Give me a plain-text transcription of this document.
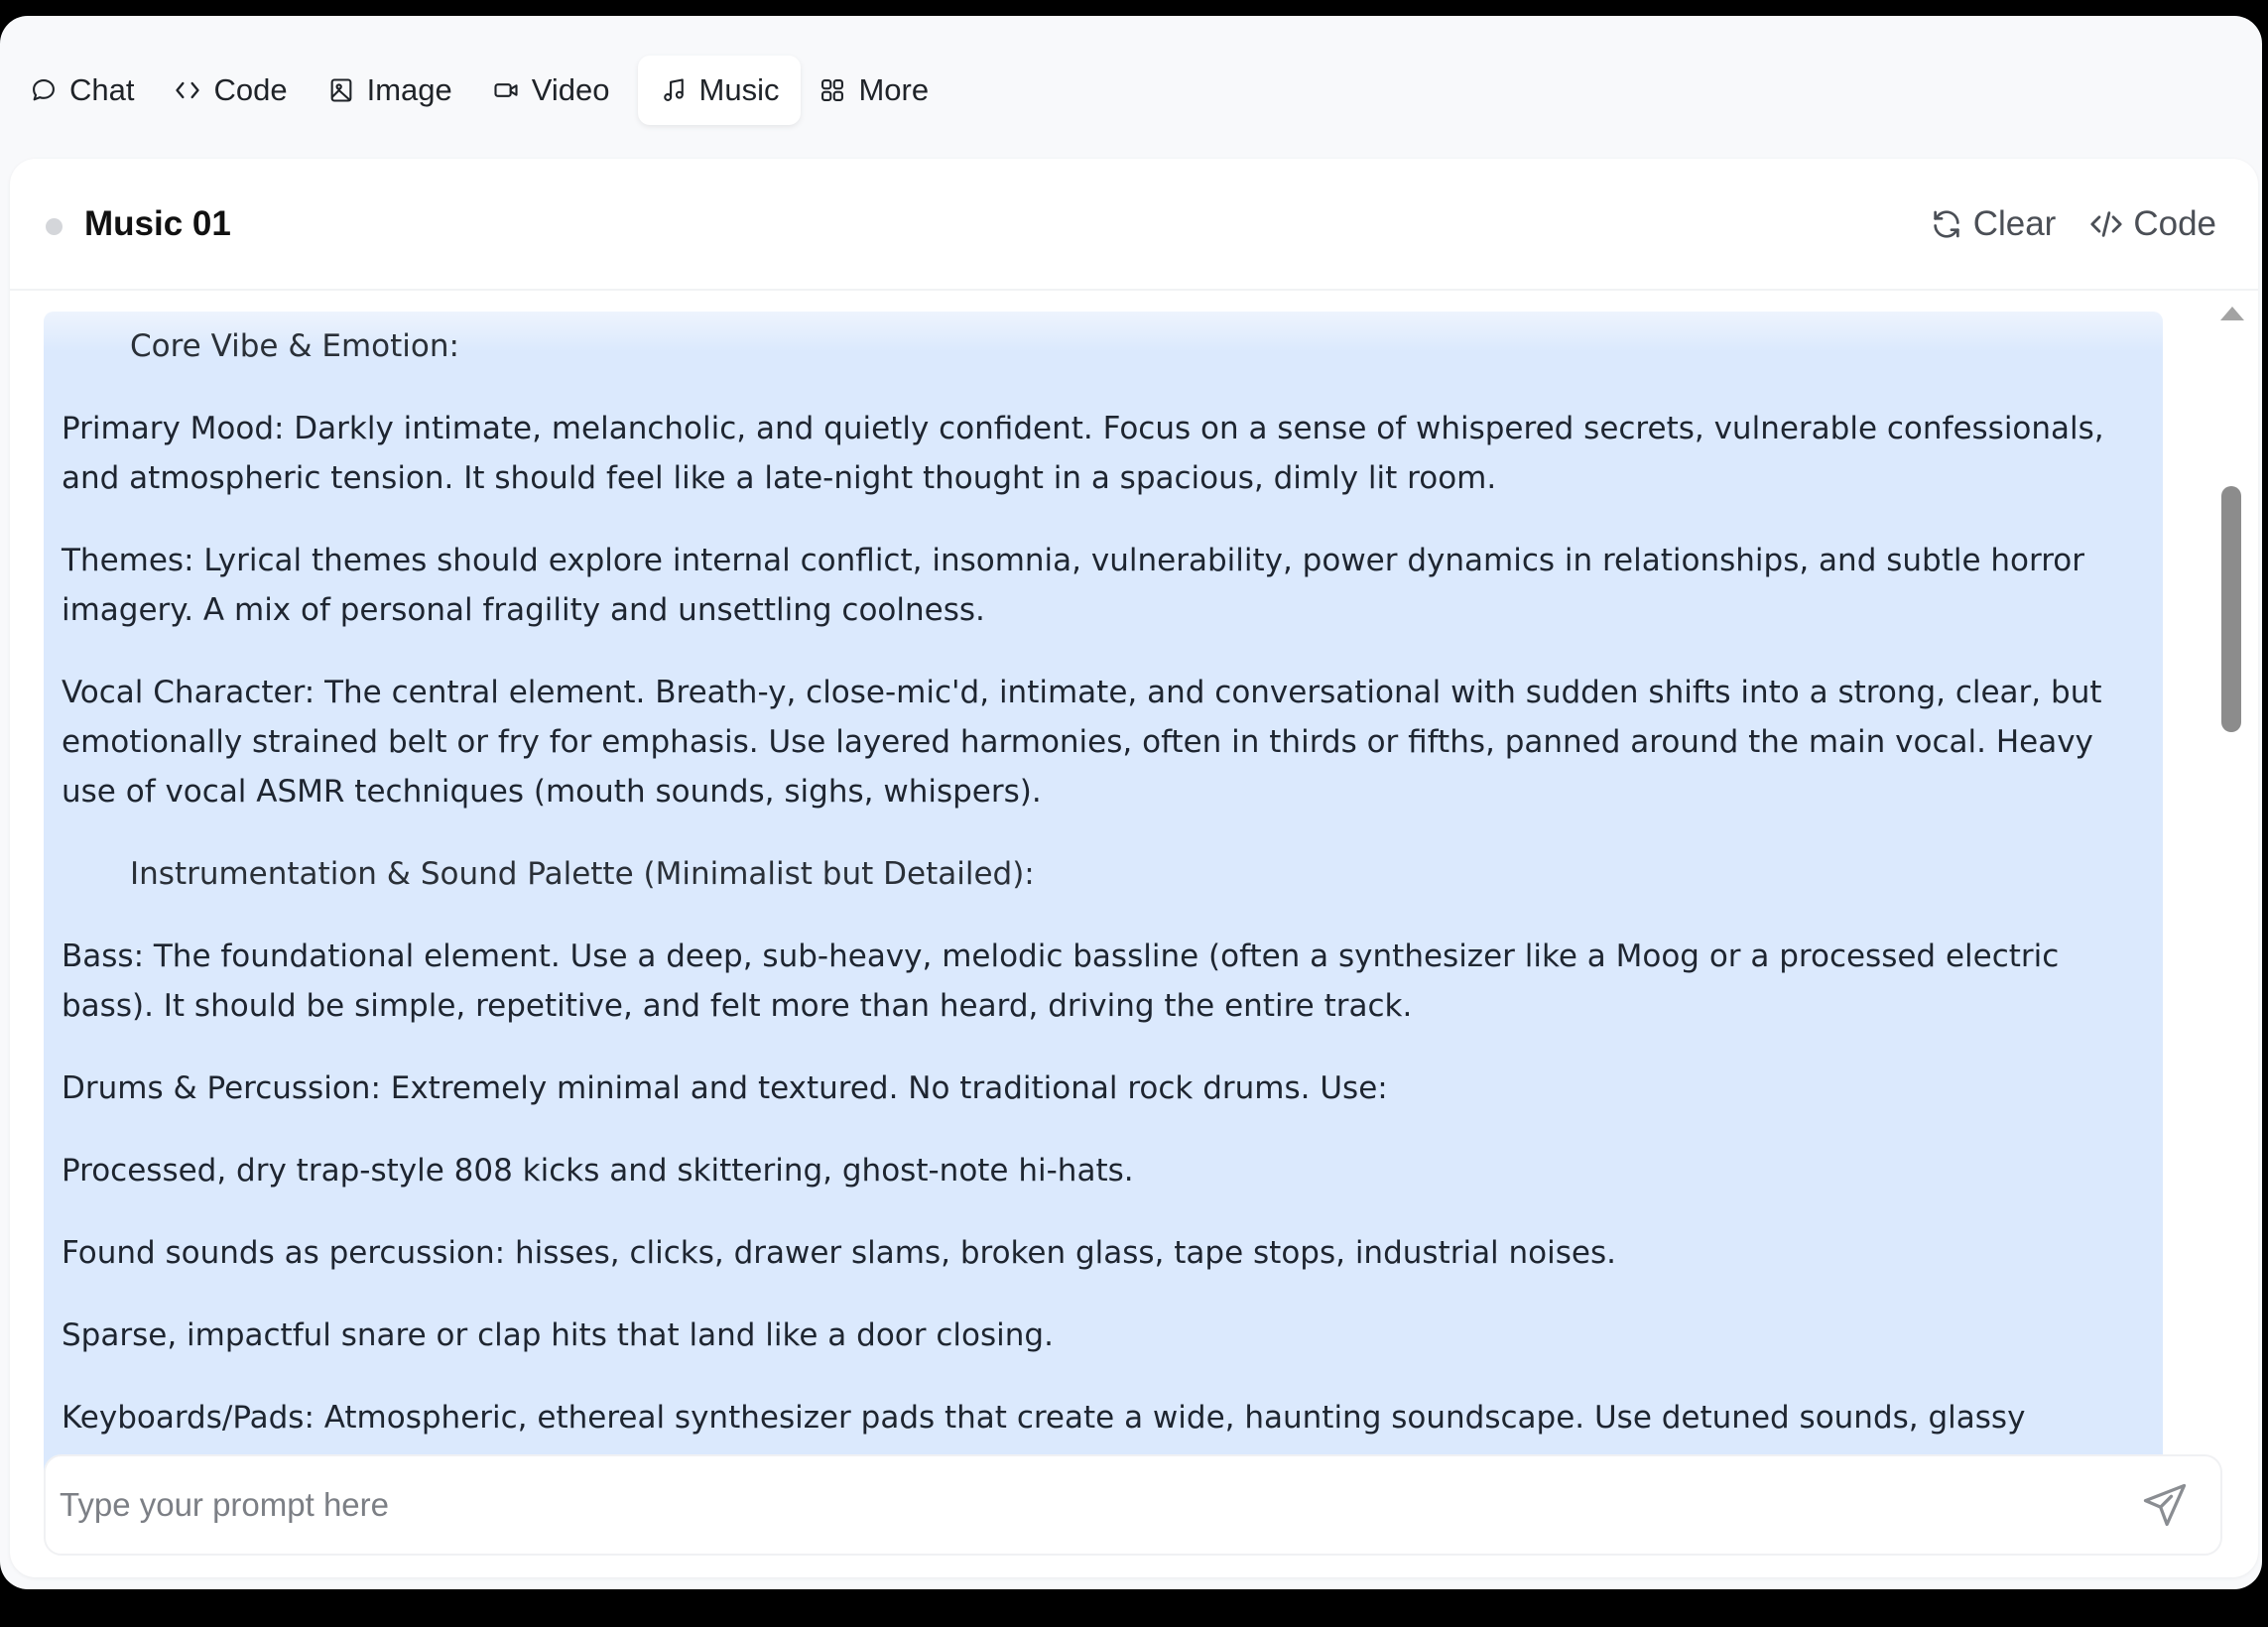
Chat	Code	Image	Video	Music	More
Music 01	Clear Code

Core Vibe & Emotion:

Primary Mood: Darkly intimate, melancholic, and quietly confident. Focus on a sense of whispered secrets, vulnerable confessionals, and atmospheric tension. It should feel like a late-night thought in a spacious, dimly lit room.

Themes: Lyrical themes should explore internal conflict, insomnia, vulnerability, power dynamics in relationships, and subtle horror imagery. A mix of personal fragility and unsettling coolness.

Vocal Character: The central element. Breath-y, close-mic'd, intimate, and conversational with sudden shifts into a strong, clear, but emotionally strained belt or fry for emphasis. Use layered harmonies, often in thirds or fifths, panned around the main vocal. Heavy use of vocal ASMR techniques (mouth sounds, sighs, whispers).

Instrumentation & Sound Palette (Minimalist but Detailed):

Bass: The foundational element. Use a deep, sub-heavy, melodic bassline (often a synthesizer like a Moog or a processed electric bass). It should be simple, repetitive, and felt more than heard, driving the entire track.

Drums & Percussion: Extremely minimal and textured. No traditional rock drums. Use:

Processed, dry trap-style 808 kicks and skittering, ghost-note hi-hats.

Found sounds as percussion: hisses, clicks, drawer slams, broken glass, tape stops, industrial noises.

Sparse, impactful snare or clap hits that land like a door closing.

Keyboards/Pads: Atmospheric, ethereal synthesizer pads that create a wide, haunting soundscape. Use detuned sounds, glassy

Type your prompt here
